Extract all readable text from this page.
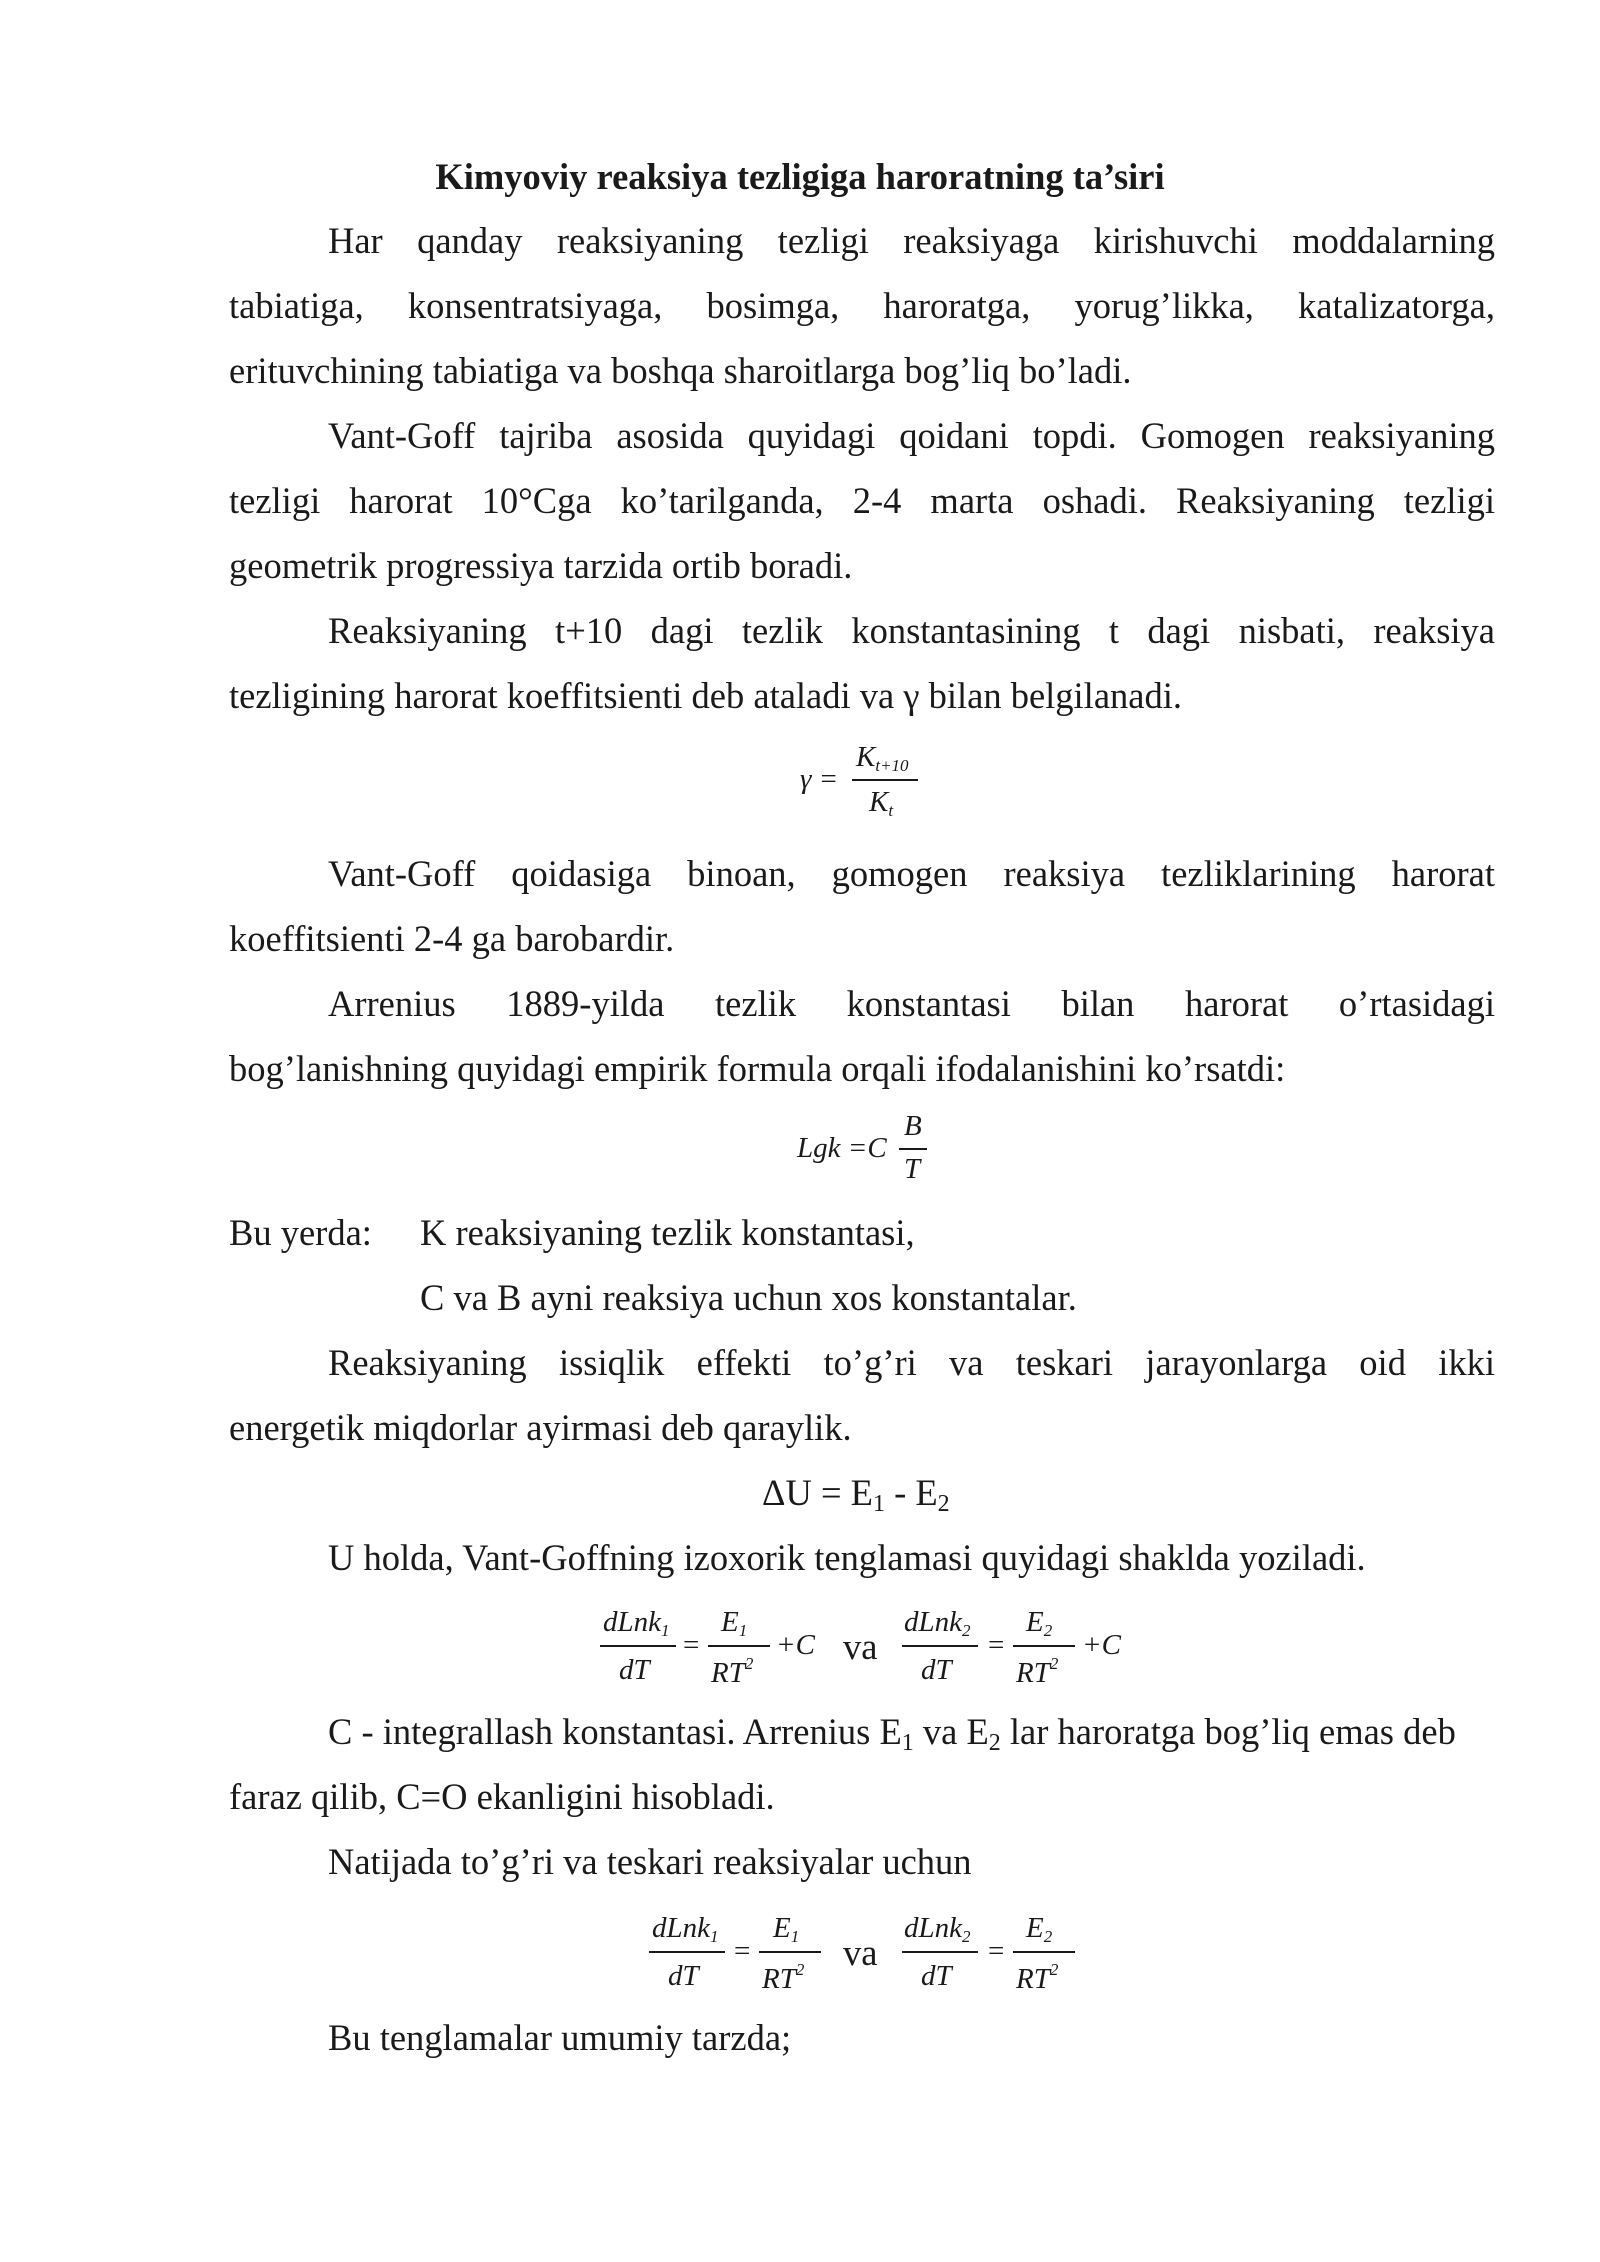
Kimyoviy reaksiya tezligiga haroratning ta’siri
Har qanday reaksiyaning tezligi reaksiyaga kirishuvchi moddalarning
tabiatiga, konsentratsiyaga, bosimga, haroratga, yorug’likka, katalizatorga,
erituvchining tabiatiga va boshqa sharoitlarga bog’liq bo’ladi.
Vant-Goff tajriba asosida quyidagi qoidani topdi. Gomogen reaksiyaning
tezligi harorat 10°Cga ko’tarilganda, 2-4 marta oshadi. Reaksiyaning tezligi
geometrik progressiya tarzida ortib boradi.
Reaksiyaning t+10 dagi tezlik konstantasining t dagi nisbati, reaksiya
tezligining harorat koeffitsienti deb ataladi va γ bilan belgilanadi.
γ =
$K_{t+10}$
$K_t$
Vant-Goff qoidasiga binoan, gomogen reaksiya tezliklarining harorat
koeffitsienti 2-4 ga barobardir.
Arrenius 1889-yilda tezlik konstantasi bilan harorat o’rtasidagi
bog’lanishning quyidagi empirik formula orqali ifodalanishini ko’rsatdi:
Lgk =C
B
T
Bu yerda: K reaksiyaning tezlik konstantasi,
C va B ayni reaksiya uchun xos konstantalar.
Reaksiyaning issiqlik effekti to’g’ri va teskari jarayonlarga oid ikki
energetik miqdorlar ayirmasi deb qaraylik.
ΔU = E1 - E2
U holda, Vant-Goffning izoxorik tenglamasi quyidagi shaklda yoziladi.
dLnk$_1$
dT
=
$E_1$
$RT^2$
+C va
dLnk$_2$
dT
=
$E_2$
$RT^2$
+C
C - integrallash konstantasi. Arrenius E1 va E2 lar haroratga bog’liq emas deb
faraz qilib, C=O ekanligini hisobladi.
Natijada to’g’ri va teskari reaksiyalar uchun
dLnk$_1$
dT
=
$E_1$
$RT^2$ va
dLnk$_2$
dT
=
$E_2$
$RT^2$
Bu tenglamalar umumiy tarzda;
